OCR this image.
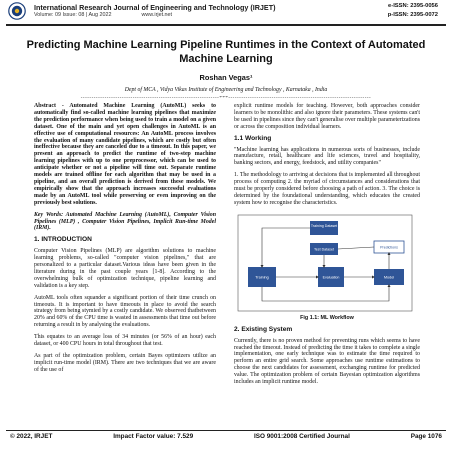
International Research Journal of Engineering and Technology (IRJET)
Volume: 09 Issue: 08 | Aug 2022	www.irjet.net
e-ISSN: 2395-0056
p-ISSN: 2395-0072
Predicting Machine Learning Pipeline Runtimes in the Context of Automated Machine Learning
Roshan Vegas¹
Dept of MCA , Vidya Vikas Institute of Engineering and Technology , Karnataka , India
----------------------------------------------------------------***------------------------------------------------------------------

Abstract - Automated Machine Learning (AutoML) seeks to automatically find so-called machine learning pipelines that maximize the prediction performance when being used to train a model on a given dataset. One of the main and yet open challenges in AutoML is an effective use of computational resources: An AutoML process involves the evaluation of many candidate pipelines, which are costly but often ineffective because they are canceled due to a timeout. In this paper, we present an approach to predict the runtime of two-step machine learning pipelines with up to one preprocessor, which can be used to anticipate whether or not a pipeline will time out. Separate runtime models are trained offline for each algorithm that may be used in a pipeline, and an overall prediction is derived from these models. We empirically show that the approach increases successful evaluations made by an AutoML tool while preserving or even improving on the previously best solutions.

Key Words: Automated Machine Learning (AutoML), Computer Vision Pipelines (MLP) , Computer Vision Pipelines, Implicit Run-time Model (IRM).

1. INTRODUCTION

Computer Vision Pipelines (MLP) are algorithm solutions to machine learning problems, so-called "computer vision pipelines," that are personalized to a particular dataset.Various ideas have been given in the literature during in the past couple years [1-8]. According to the overwhelming bulk of optimization technique, pipeline learning and validation is a key step.

AutoML tools often squander a significant portion of their time crunch on timeouts. It is important to have timeouts in place to avoid the search strategy from being stymied by a costly candidate. We observed thatbetween 20% and 60% of the CPU time is wasted in assessments that time out before returning a result in by analysing the evaluations.

This equates to an average loss of 34 minutes (or 56% of an hour) each dataset, or 400 CPU hours in total throughout that test.

As part of the optimization problem, certain Bayes optimizers utilize an implicit run-time model (IRM). There are two techniques that we are aware of the use of

explicit runtime models for teaching. However, both approaches consider learners to be monolithic and also ignore their parameters. These systems can't be used in pipelines since they can't generalise over multiple parameterizations or across the composition individual learners.

1.1 Working

"Machine learning has applications in numerous sorts of businesses, include manufacture, retail, healthcare and life sciences, travel and hospitality, banking sectors, and energy, feedstock, and utility companies"

1. The methodology to arriving at decisions that is implemented all throughout process of computing 2. the myriad of circumstances and considerations that must be properly considered before choosing a path of action. 3. The choice is determined by the foundational understanding, which educates the created system how to recognise the characteristics.

Training Dataset
Test Dataset	Predictions
Training	Evaluation	Model
Fig 1.1: ML Workflow
2. Existing System

Currently, there is no proven method for preventing runs which seems to have reached the timeout. Instead of predicting the time it takes to complete a single implementation, one early technique was to estimate the time required to perform an entire grid search. Some approaches use runtime estimations to choose the next candidates for assessment, exchanging runtime for predicted value. The optimization problem of certain Bayesian optimization algorithms includes an implicit runtime model.

© 2022, IRJET	Impact Factor value: 7.529	ISO 9001:2008 Certified Journal	Page 1076
